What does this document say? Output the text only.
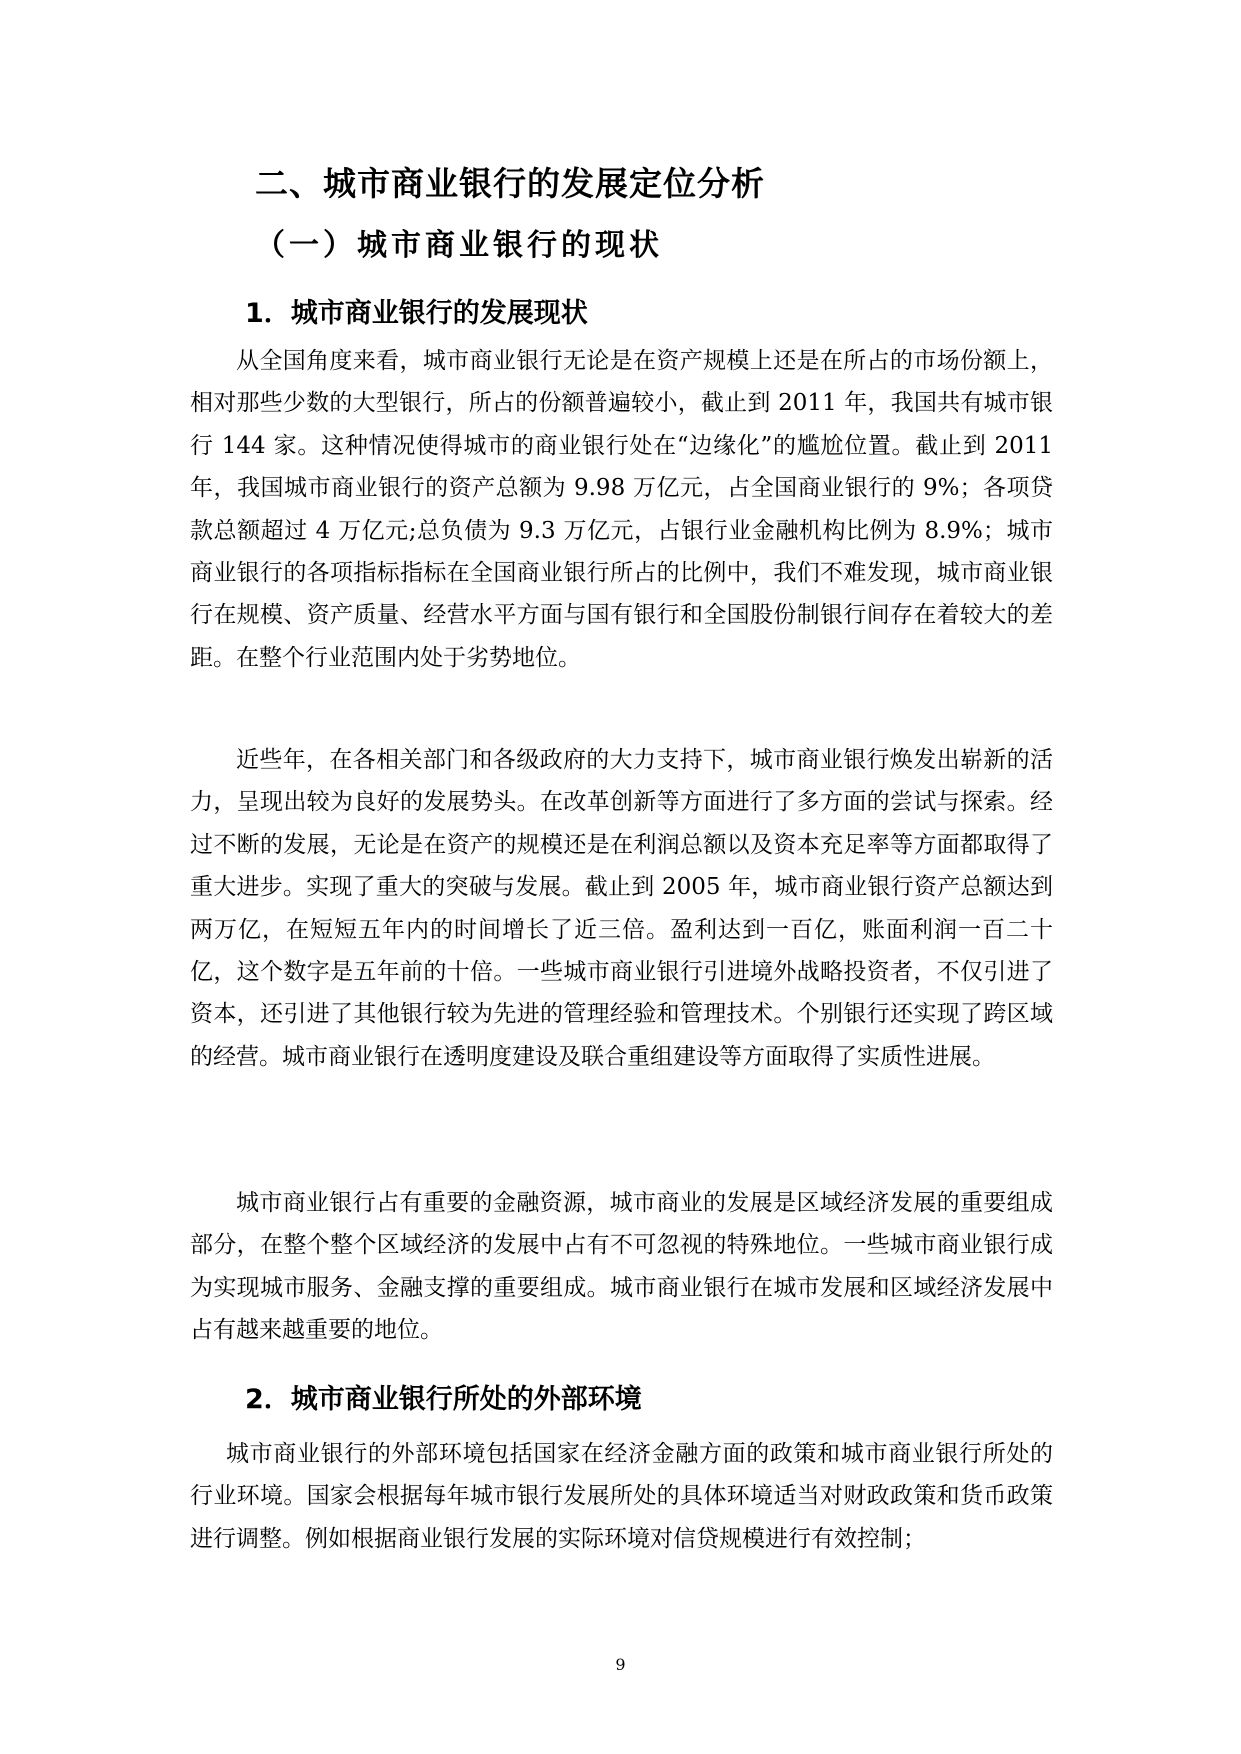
二、城市商业银行的发展定位分析
（一）城市商业银行的现状
1．城市商业银行的发展现状

从全国角度来看，城市商业银行无论是在资产规模上还是在所占的市场份额上，相对那些少数的大型银行，所占的份额普遍较小，截止到 2011 年，我国共有城市银行 144 家。这种情况使得城市的商业银行处在“边缘化”的尴尬位置。截止到 2011 年，我国城市商业银行的资产总额为 9.98 万亿元，占全国商业银行的 9%；各项贷款总额超过 4 万亿元;总负债为 9.3 万亿元，占银行业金融机构比例为 8.9%；城市商业银行的各项指标指标在全国商业银行所占的比例中，我们不难发现，城市商业银行在规模、资产质量、经营水平方面与国有银行和全国股份制银行间存在着较大的差距。在整个行业范围内处于劣势地位。

近些年，在各相关部门和各级政府的大力支持下，城市商业银行焕发出崭新的活力，呈现出较为良好的发展势头。在改革创新等方面进行了多方面的尝试与探索。经过不断的发展，无论是在资产的规模还是在利润总额以及资本充足率等方面都取得了重大进步。实现了重大的突破与发展。截止到 2005 年，城市商业银行资产总额达到两万亿，在短短五年内的时间增长了近三倍。盈利达到一百亿，账面利润一百二十亿，这个数字是五年前的十倍。一些城市商业银行引进境外战略投资者，不仅引进了资本，还引进了其他银行较为先进的管理经验和管理技术。个别银行还实现了跨区域的经营。城市商业银行在透明度建设及联合重组建设等方面取得了实质性进展。

城市商业银行占有重要的金融资源，城市商业的发展是区域经济发展的重要组成部分，在整个整个区域经济的发展中占有不可忽视的特殊地位。一些城市商业银行成为实现城市服务、金融支撑的重要组成。城市商业银行在城市发展和区域经济发展中占有越来越重要的地位。

2．城市商业银行所处的外部环境

城市商业银行的外部环境包括国家在经济金融方面的政策和城市商业银行所处的行业环境。国家会根据每年城市银行发展所处的具体环境适当对财政政策和货币政策进行调整。例如根据商业银行发展的实际环境对信贷规模进行有效控制；

9
